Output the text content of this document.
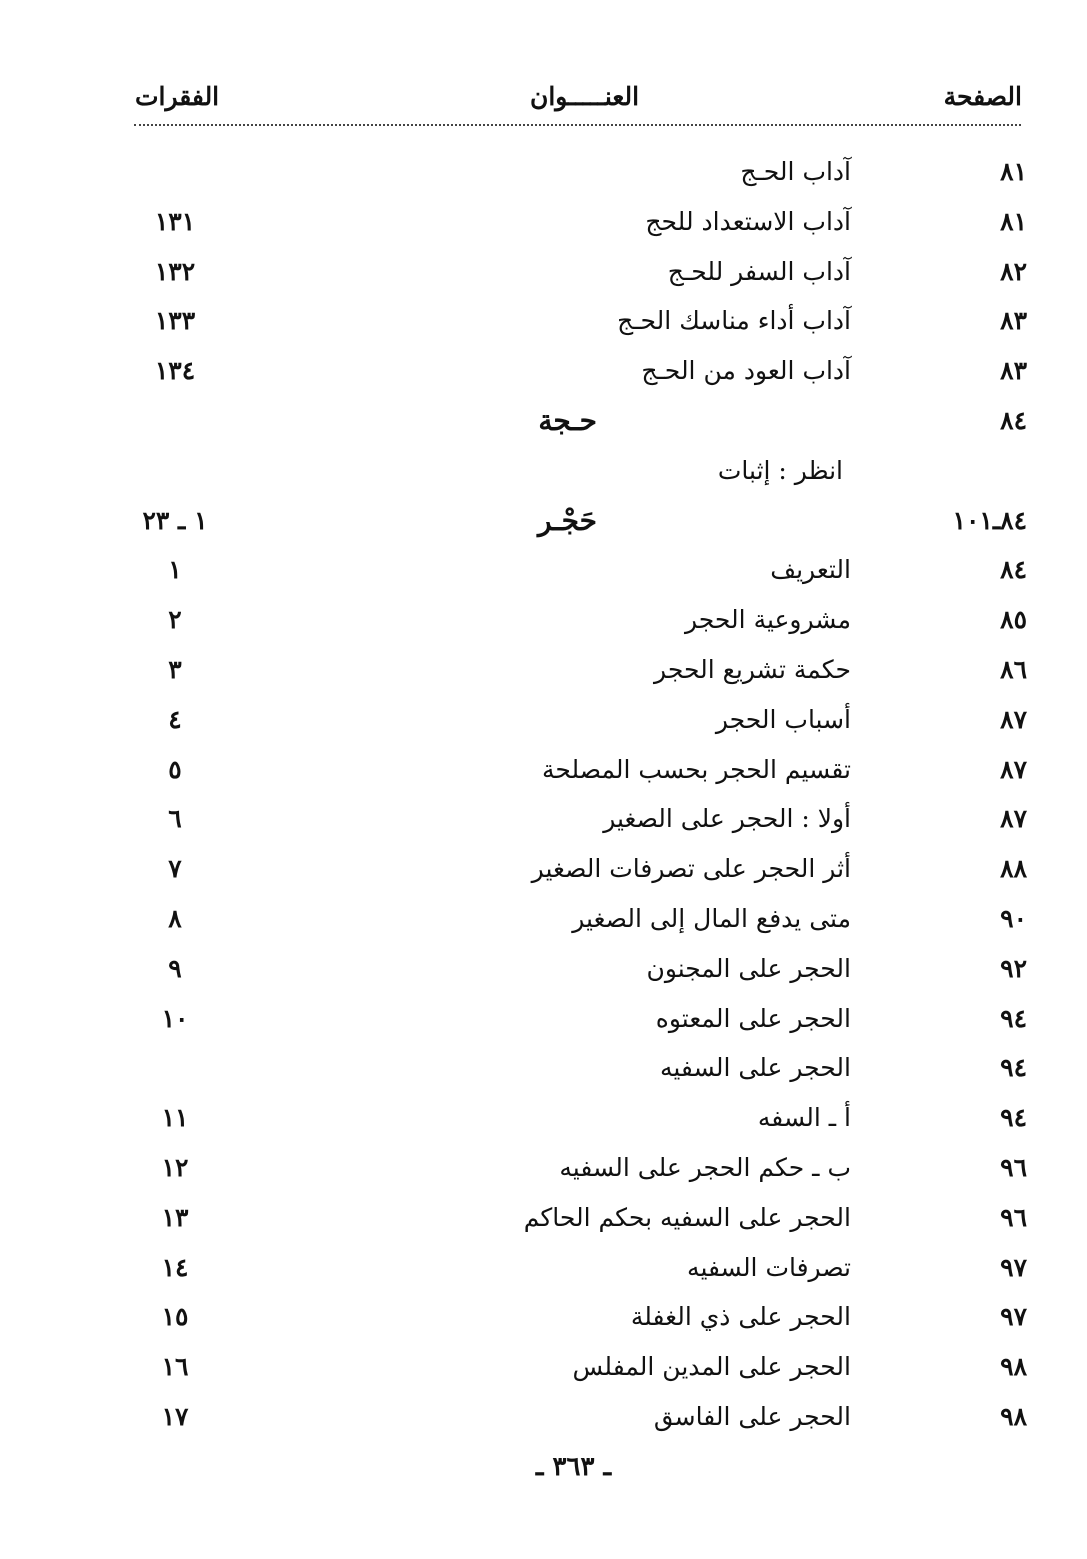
الصفحة
العنـــــوان
الفقرات
٨١
آداب الحـج
٨١
آداب الاستعداد للحج
١٣١
٨٢
آداب السفر للحـج
١٣٢
٨٣
آداب أداء مناسك الحـج
١٣٣
٨٣
آداب العود من الحـج
١٣٤
٨٤
حـجة
انظر : إثبات
٨٤ـ١٠١
حَجْـر
١ ـ ٢٣
٨٤
التعريف
١
٨٥
مشروعية الحجر
٢
٨٦
حكمة تشريع الحجر
٣
٨٧
أسباب الحجر
٤
٨٧
تقسيم الحجر بحسب المصلحة
٥
٨٧
أولا : الحجر على الصغير
٦
٨٨
أثر الحجر على تصرفات الصغير
٧
٩٠
متى يدفع المال إلى الصغير
٨
٩٢
الحجر على المجنون
٩
٩٤
الحجر على المعتوه
١٠
٩٤
الحجر على السفيه
٩٤
أ ـ السفه
١١
٩٦
ب ـ حكم الحجر على السفيه
١٢
٩٦
الحجر على السفيه بحكم الحاكم
١٣
٩٧
تصرفات السفيه
١٤
٩٧
الحجر على ذي الغفلة
١٥
٩٨
الحجر على المدين المفلس
١٦
٩٨
الحجر على الفاسق
١٧
ـ ٣٦٣ ـ
